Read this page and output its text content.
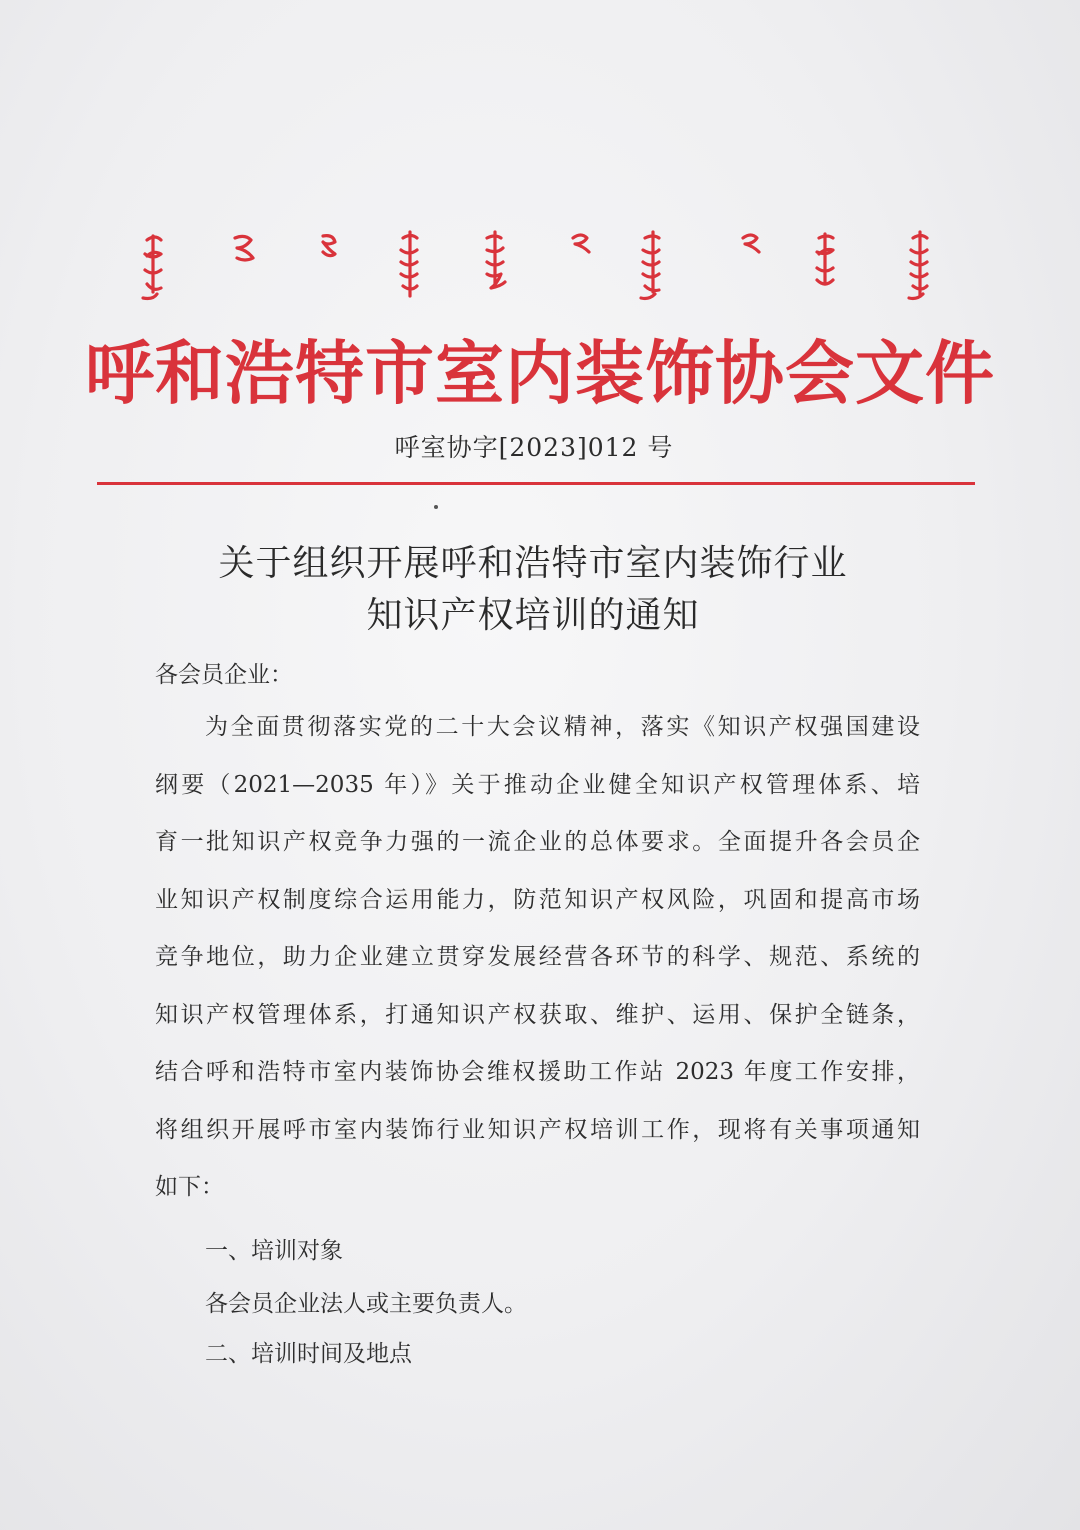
呼和浩特市室内装饰协会文件
呼室协字[2023]012 号
关于组织开展呼和浩特市室内装饰行业
知识产权培训的通知
各会员企业：
为全面贯彻落实党的二十大会议精神，落实《知识产权强国建设
纲要（2021—2035 年）》关于推动企业健全知识产权管理体系、培
育一批知识产权竞争力强的一流企业的总体要求。全面提升各会员企
业知识产权制度综合运用能力，防范知识产权风险，巩固和提高市场
竞争地位，助力企业建立贯穿发展经营各环节的科学、规范、系统的
知识产权管理体系，打通知识产权获取、维护、运用、保护全链条，
结合呼和浩特市室内装饰协会维权援助工作站 2023 年度工作安排，
将组织开展呼市室内装饰行业知识产权培训工作，现将有关事项通知
如下：
一、培训对象
各会员企业法人或主要负责人。
二、培训时间及地点
